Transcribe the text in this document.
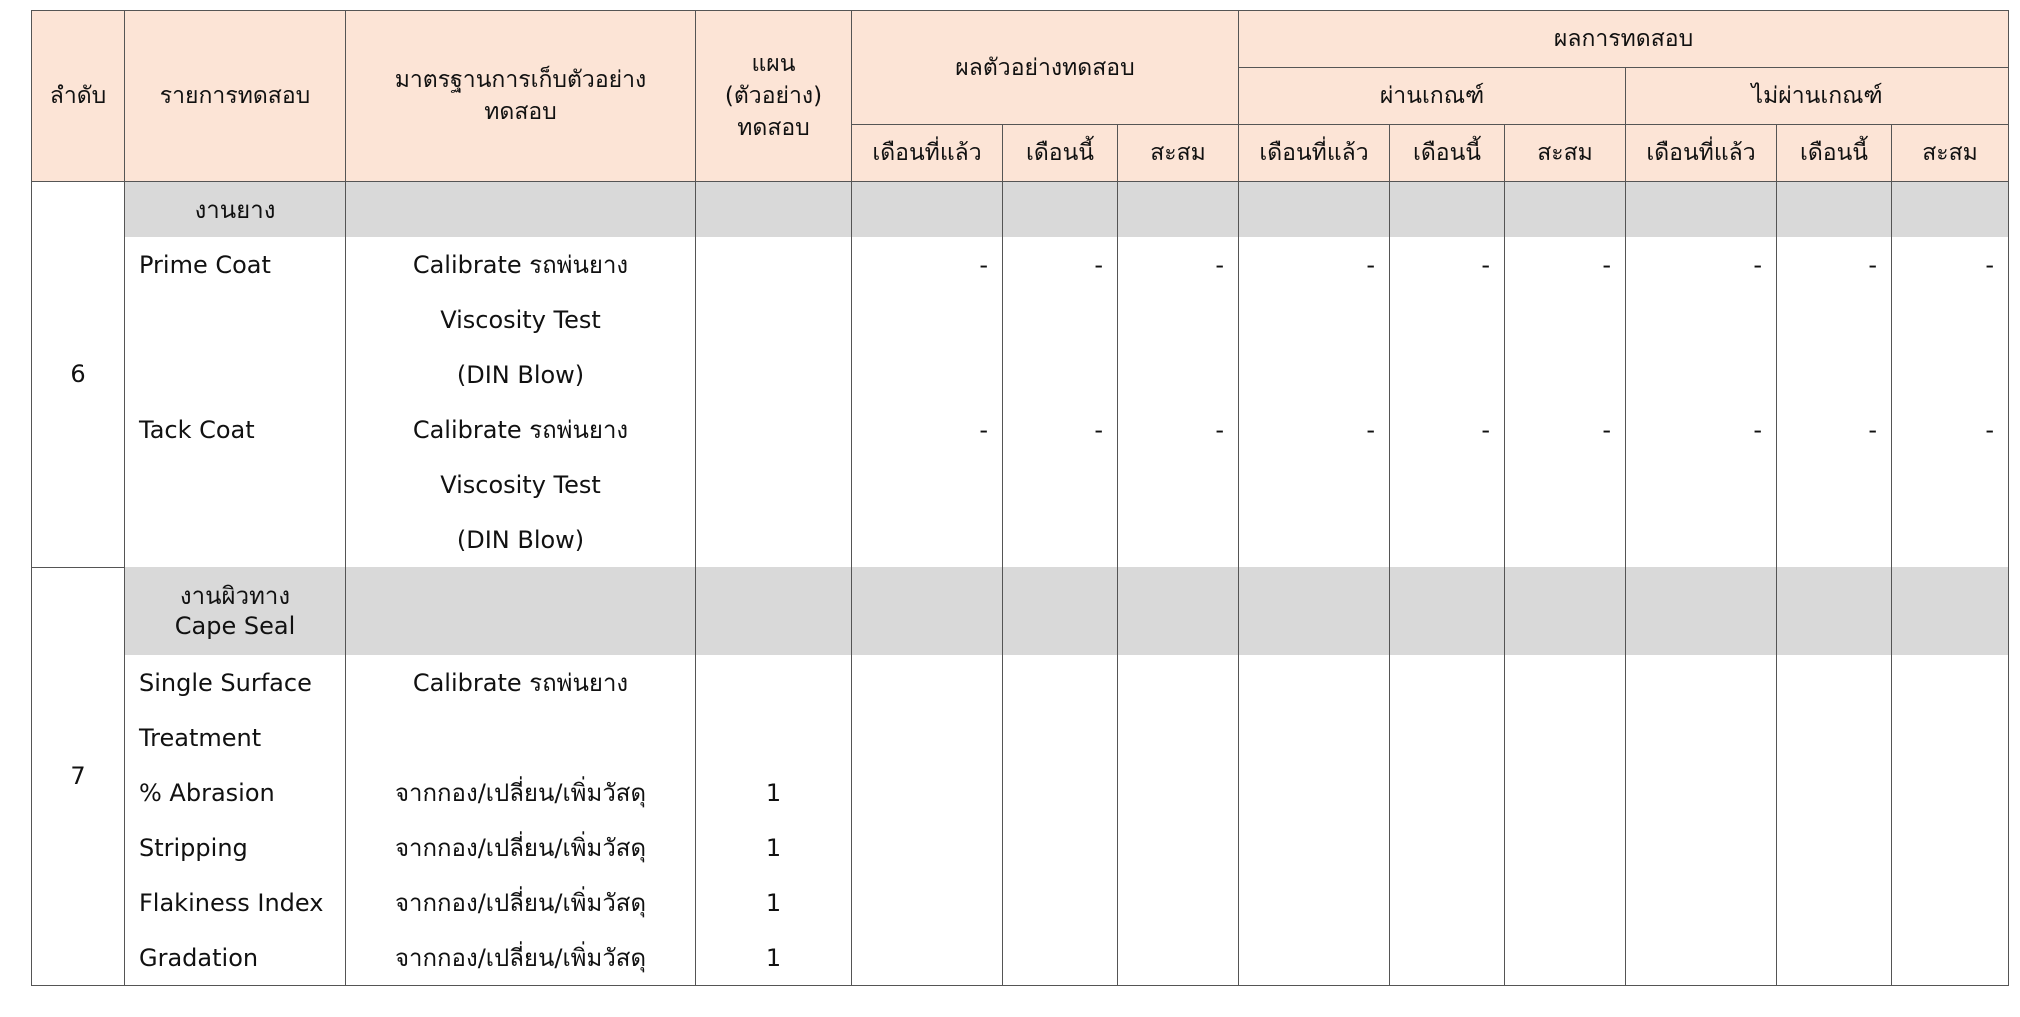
ลำดับ	รายการทดสอบ	มาตรฐานการเก็บตัวอย่างทดสอบ	แผน (ตัวอย่าง) ทดสอบ	ผลตัวอย่างทดสอบ			ผลการทดสอบ					
							ผ่านเกณฑ์			ไม่ผ่านเกณฑ์		
				เดือนที่แล้ว	เดือนนี้	สะสม	เดือนที่แล้ว	เดือนนี้	สะสม	เดือนที่แล้ว	เดือนนี้	สะสม
6	งานยาง											
	Prime Coat	Calibrate รถพ่นยาง		-	-	-	-	-	-	-	-	-
		Viscosity Test										
		(DIN Blow)										
	Tack Coat	Calibrate รถพ่นยาง		-	-	-	-	-	-	-	-	-
		Viscosity Test										
		(DIN Blow)										
7	งานผิวทาง
Cape Seal											

	Single Surface	Calibrate รถพ่นยาง										
	Treatment											
	% Abrasion	จากกอง/เปลี่ยน/เพิ่มวัสดุ	1									
	Stripping	จากกอง/เปลี่ยน/เพิ่มวัสดุ	1									
	Flakiness Index	จากกอง/เปลี่ยน/เพิ่มวัสดุ	1									
	Gradation	จากกอง/เปลี่ยน/เพิ่มวัสดุ	1									
